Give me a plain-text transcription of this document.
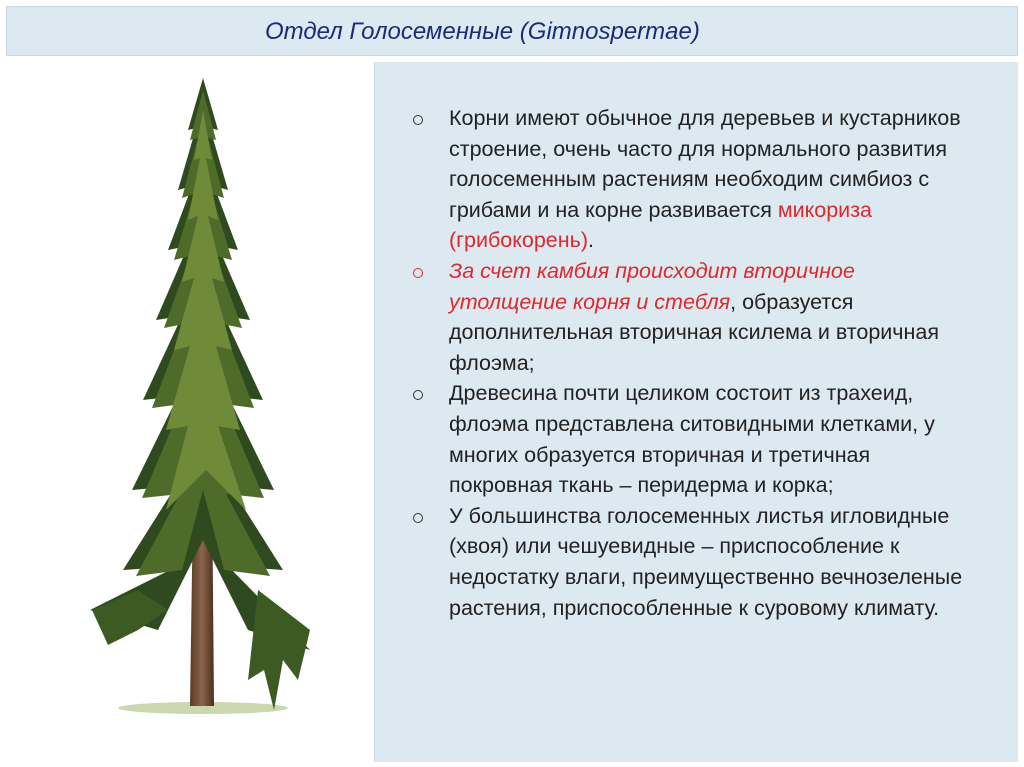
Отдел Голосеменные (Gimnospermae)
Корни имеют обычное для деревьев и кустарников строение, очень часто для нормального развития голосеменным растениям необходим симбиоз с грибами и на корне развивается микориза (грибокорень).
За счет камбия происходит вторичное утолщение корня и стебля, образуется дополнительная вторичная ксилема и вторичная флоэма;
Древесина почти целиком состоит из трахеид, флоэма представлена ситовидными клетками, у многих образуется вторичная и третичная покровная ткань – перидерма и корка;
У большинства голосеменных листья игловидные (хвоя) или чешуевидные – приспособление к недостатку влаги, преимущественно вечнозеленые растения, приспособленные к суровому климату.
